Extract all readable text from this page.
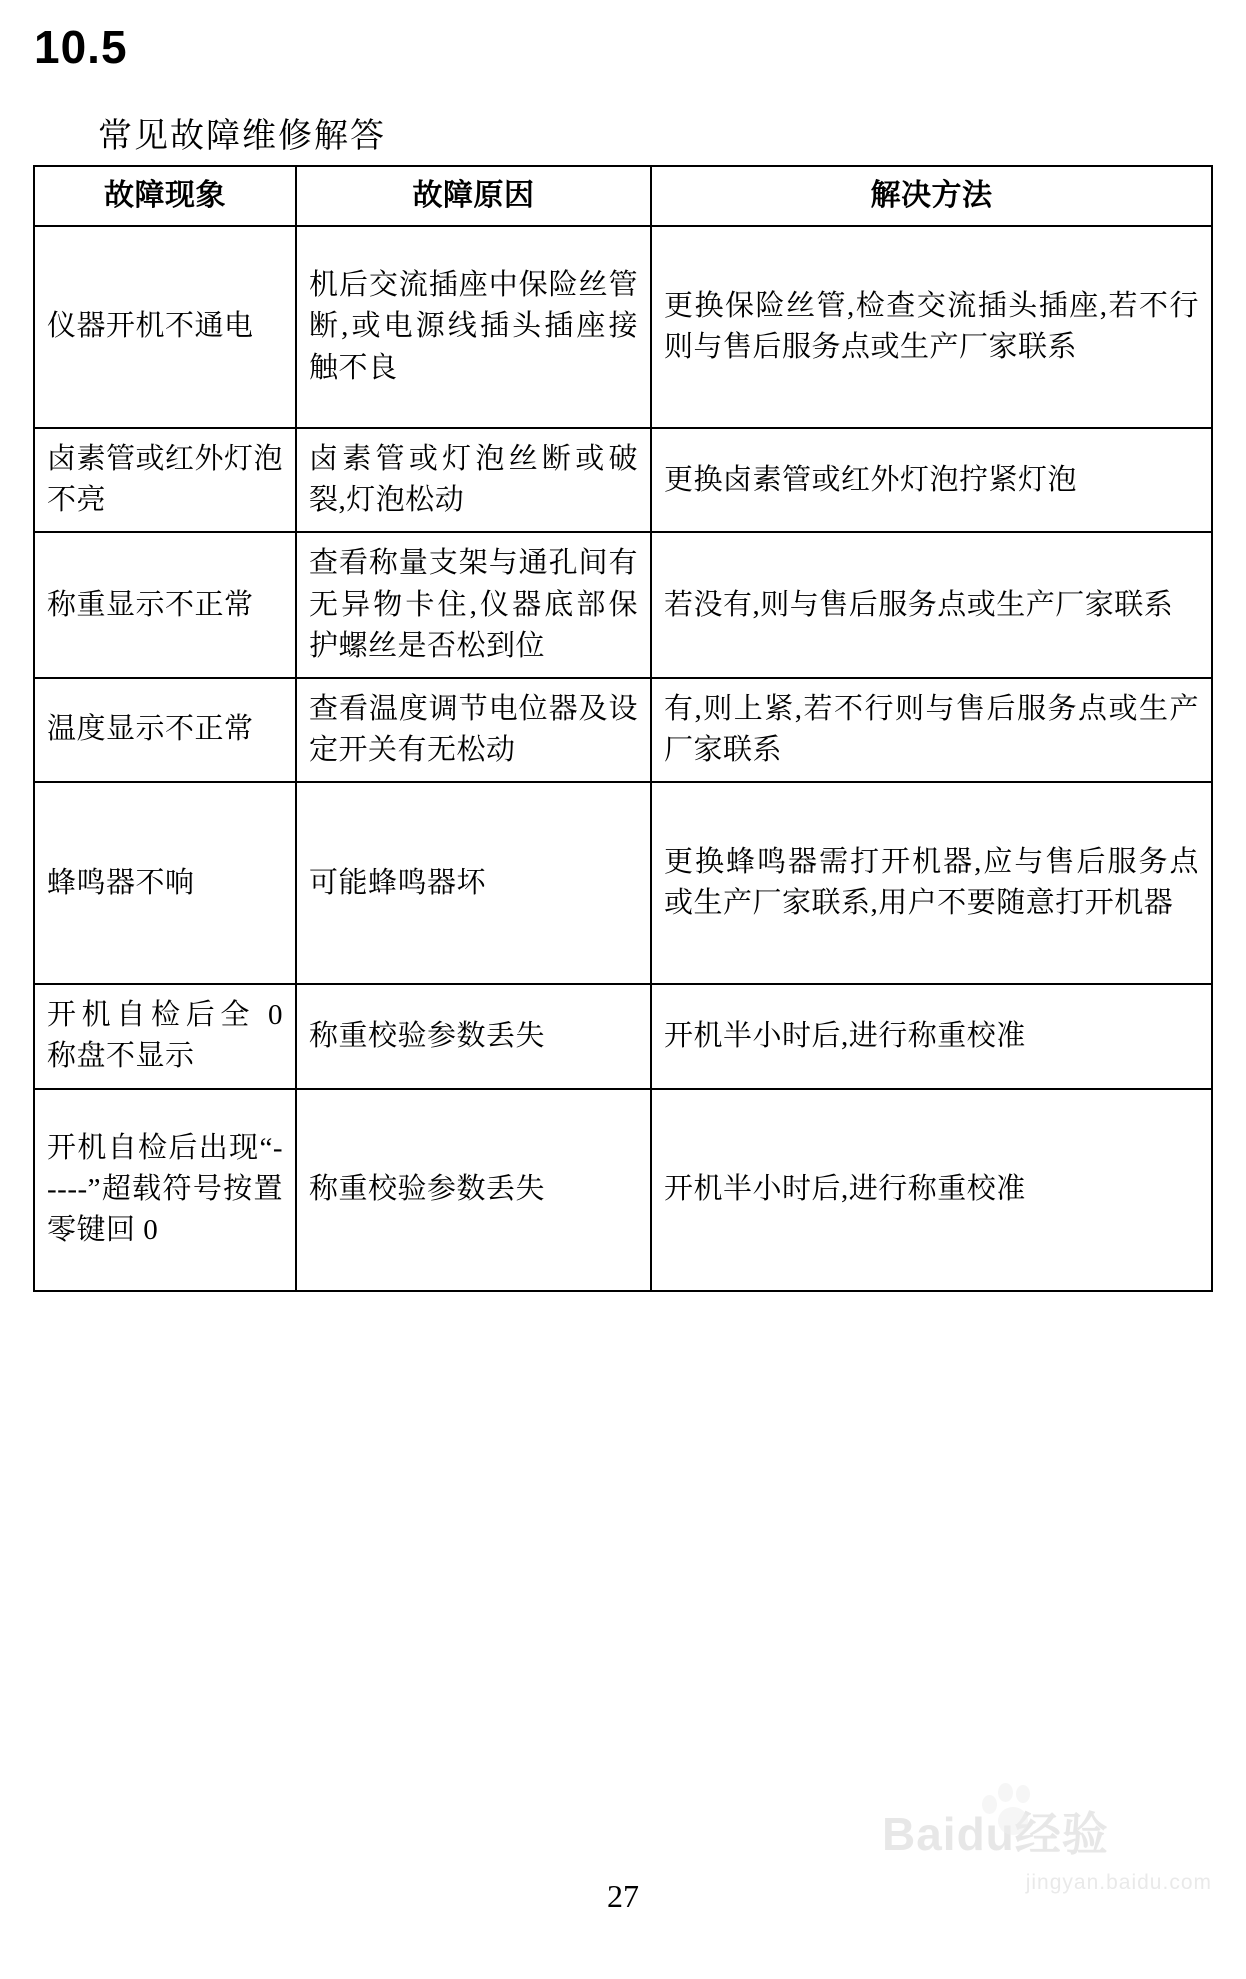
10.5
常见故障维修解答
故障现象	故障原因	解决方法
仪器开机不通电	机后交流插座中保险丝管断,或电源线插头插座接触不良	更换保险丝管,检查交流插头插座,若不行则与售后服务点或生产厂家联系
卤素管或红外灯泡不亮	卤素管或灯泡丝断或破裂,灯泡松动	更换卤素管或红外灯泡拧紧灯泡
称重显示不正常	查看称量支架与通孔间有无异物卡住,仪器底部保护螺丝是否松到位	若没有,则与售后服务点或生产厂家联系
温度显示不正常	查看温度调节电位器及设定开关有无松动	有,则上紧,若不行则与售后服务点或生产厂家联系
蜂鸣器不响	可能蜂鸣器坏	更换蜂鸣器需打开机器,应与售后服务点或生产厂家联系,用户不要随意打开机器
开机自检后全 0 称盘不显示	称重校验参数丢失	开机半小时后,进行称重校准
开机自检后出现“-----”超载符号按置零键回 0	称重校验参数丢失	开机半小时后,进行称重校准
27
Baidu经验
jingyan.baidu.com
